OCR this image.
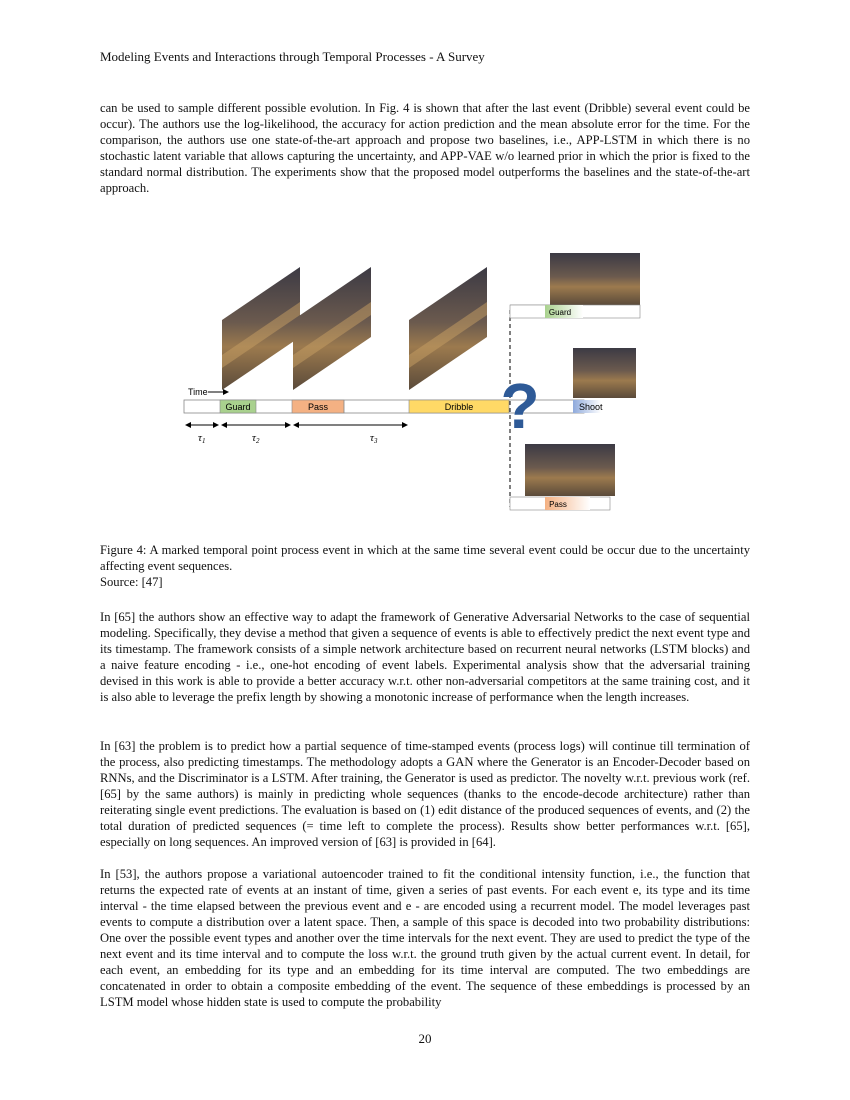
Modeling Events and Interactions through Temporal Processes - A Survey

can be used to sample different possible evolution. In Fig. 4 is shown that after the last event (Dribble) several event could be occur). The authors use the log-likelihood, the accuracy for action prediction and the mean absolute error for the time. For the comparison, the authors use one state-of-the-art approach and propose two baselines, i.e., APP-LSTM in which there is no stochastic latent variable that allows capturing the uncertainty, and APP-VAE w/o learned prior in which the prior is fixed to the standard normal distribution. The experiments show that the proposed model outperforms the baselines and the state-of-the-art approach.

Time
Guard	Pass	Dribble	Shoot
Guard
Pass
?
τ1	τ2	τ3
Figure 4: A marked temporal point process event in which at the same time several event could be occur due to the uncertainty affecting event sequences.
Source: [47]

In [65] the authors show an effective way to adapt the framework of Generative Adversarial Networks to the case of sequential modeling. Specifically, they devise a method that given a sequence of events is able to effectively predict the next event type and its timestamp. The framework consists of a simple network architecture based on recurrent neural networks (LSTM blocks) and a naive feature encoding - i.e., one-hot encoding of event labels. Experimental analysis show that the adversarial training devised in this work is able to provide a better accuracy w.r.t. other non-adversarial competitors at the same training cost, and it is also able to leverage the prefix length by showing a monotonic increase of performance when the length increases.

In [63] the problem is to predict how a partial sequence of time-stamped events (process logs) will continue till termination of the process, also predicting timestamps. The methodology adopts a GAN where the Generator is an Encoder-Decoder based on RNNs, and the Discriminator is a LSTM. After training, the Generator is used as predictor. The novelty w.r.t. previous work (ref. [65] by the same authors) is mainly in predicting whole sequences (thanks to the encode-decode architecture) rather than reiterating single event predictions. The evaluation is based on (1) edit distance of the produced sequences of events, and (2) the total duration of predicted sequences (= time left to complete the process). Results show better performances w.r.t. [65], especially on long sequences. An improved version of [63] is provided in [64].

In [53], the authors propose a variational autoencoder trained to fit the conditional intensity function, i.e., the function that returns the expected rate of events at an instant of time, given a series of past events. For each event e, its type and its time interval - the time elapsed between the previous event and e - are encoded using a recurrent model. The model leverages past events to compute a distribution over a latent space. Then, a sample of this space is decoded into two probability distributions: One over the possible event types and another over the time intervals for the next event. They are used to predict the type of the next event and its time interval and to compute the loss w.r.t. the ground truth given by the actual current event. In detail, for each event, an embedding for its type and an embedding for its time interval are computed. The two embeddings are concatenated in order to obtain a composite embedding of the event. The sequence of these embeddings is processed by an LSTM model whose hidden state is used to compute the probability

20
